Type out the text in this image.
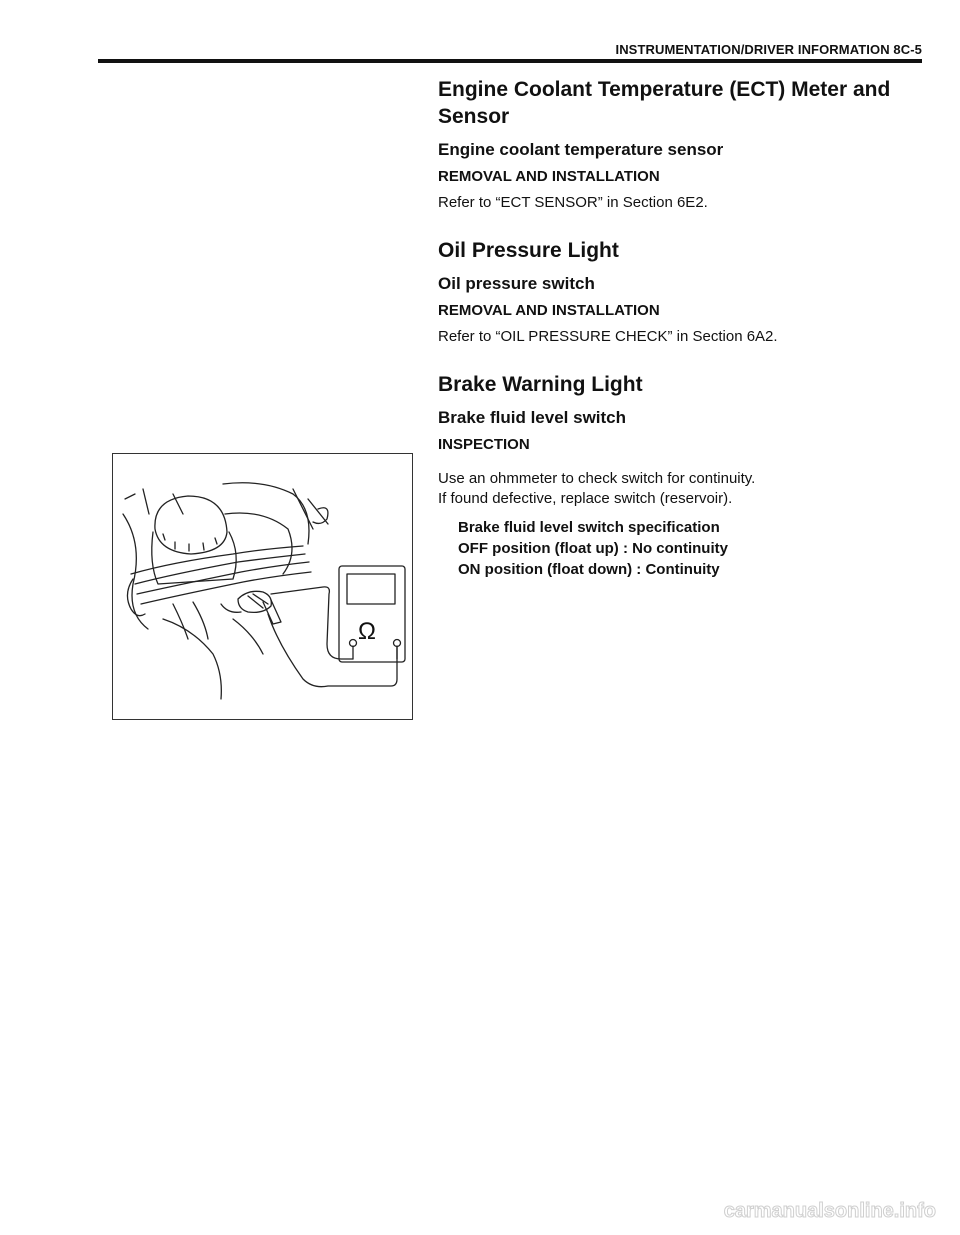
INSTRUMENTATION/DRIVER INFORMATION 8C-5
Engine Coolant Temperature (ECT) Meter and
Sensor
Engine coolant temperature sensor
REMOVAL AND INSTALLATION
Refer to “ECT SENSOR” in Section 6E2.
Oil Pressure Light
Oil pressure switch
REMOVAL AND INSTALLATION
Refer to “OIL PRESSURE CHECK” in Section 6A2.
Brake Warning Light
Brake fluid level switch
INSPECTION
Use an ohmmeter to check switch for continuity.
If found defective, replace switch (reservoir).
Brake fluid level switch specification
OFF position (float up) : No continuity
ON position (float down) : Continuity
Ω
carmanualsonline.info
